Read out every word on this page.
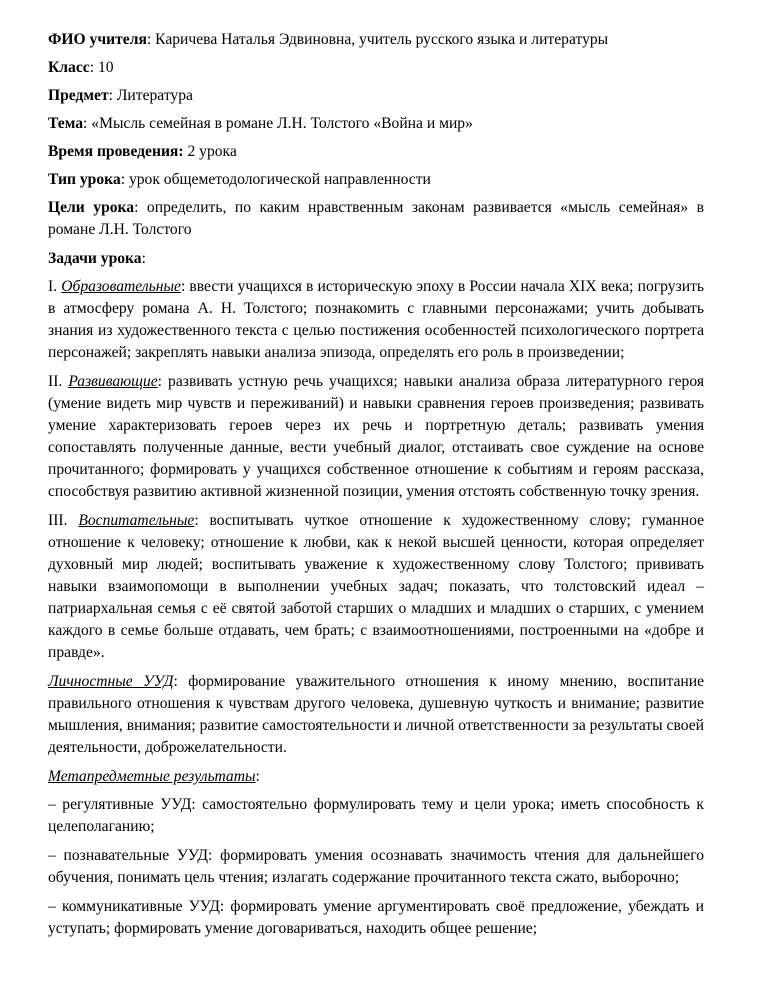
ФИО учителя: Каричева Наталья Эдвиновна, учитель русского языка и литературы

Класс: 10

Предмет: Литература

Тема: «Мысль семейная в романе Л.Н. Толстого «Война и мир»

Время проведения: 2 урока

Тип урока: урок общеметодологической направленности

Цели урока: определить, по каким нравственным законам развивается «мысль семейная» в романе Л.Н. Толстого

Задачи урока:

I. Образовательные: ввести учащихся в историческую эпоху в России начала XIX века; погрузить в атмосферу романа А. Н. Толстого; познакомить с главными персонажами; учить добывать знания из художественного текста с целью постижения особенностей психологического портрета персонажей; закреплять навыки анализа эпизода, определять его роль в произведении;

II. Развивающие: развивать устную речь учащихся; навыки анализа образа литературного героя (умение видеть мир чувств и переживаний) и навыки сравнения героев произведения; развивать умение характеризовать героев через их речь и портретную деталь; развивать умения сопоставлять полученные данные, вести учебный диалог, отстаивать свое суждение на основе прочитанного; формировать у учащихся собственное отношение к событиям и героям рассказа, способствуя развитию активной жизненной позиции, умения отстоять собственную точку зрения.

III. Воспитательные: воспитывать чуткое отношение к художественному слову; гуманное отношение к человеку; отношение к любви, как к некой высшей ценности, которая определяет духовный мир людей; воспитывать уважение к художественному слову Толстого; прививать навыки взаимопомощи в выполнении учебных задач; показать, что толстовский идеал – патриархальная семья с её святой заботой старших о младших и младших о старших, с умением каждого в семье больше отдавать, чем брать; с взаимоотношениями, построенными на «добре и правде».

Личностные УУД: формирование уважительного отношения к иному мнению, воспитание правильного отношения к чувствам другого человека, душевную чуткость и внимание; развитие мышления, внимания; развитие самостоятельности и личной ответственности за результаты своей деятельности, доброжелательности.

Метапредметные результаты:

– регулятивные УУД: самостоятельно формулировать тему и цели урока; иметь способность к целеполаганию;

– познавательные УУД: формировать умения осознавать значимость чтения для дальнейшего обучения, понимать цель чтения; излагать содержание прочитанного текста сжато, выборочно;

– коммуникативные УУД: формировать умение аргументировать своё предложение, убеждать и уступать; формировать умение договариваться, находить общее решение;
